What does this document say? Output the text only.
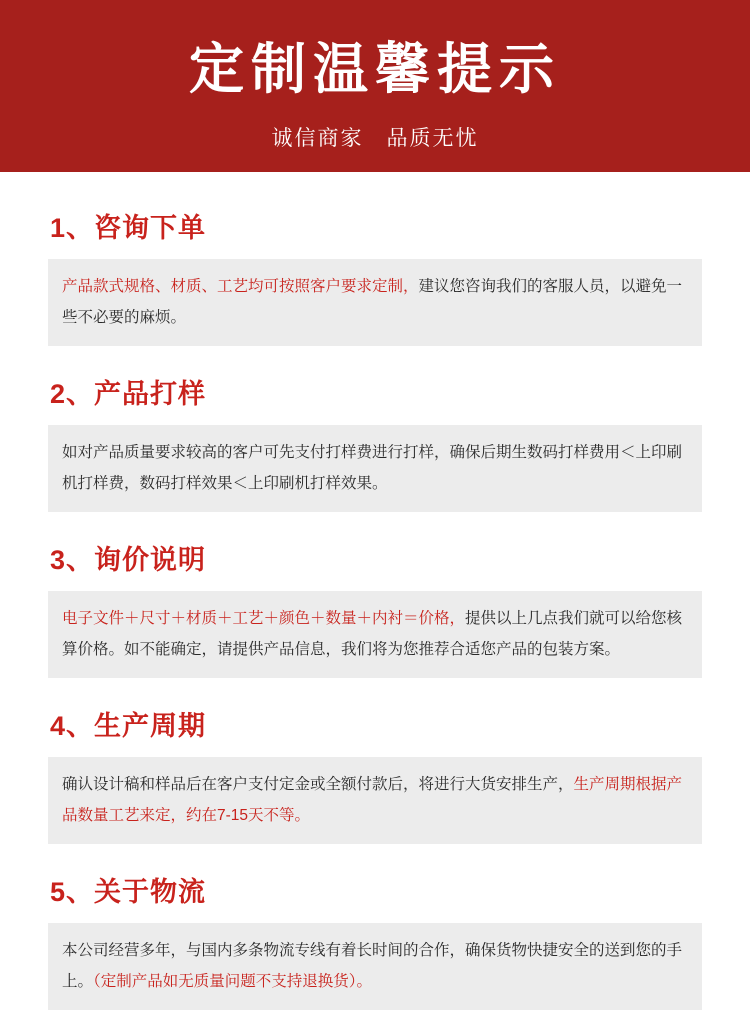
定制温馨提示
诚信商家　品质无忧
1、咨询下单
产品款式规格、材质、工艺均可按照客户要求定制，建议您咨询我们的客服人员，以避免一些不必要的麻烦。
2、产品打样
如对产品质量要求较高的客户可先支付打样费进行打样，确保后期生数码打样费用＜上印刷机打样费，数码打样效果＜上印刷机打样效果。
3、询价说明
电子文件＋尺寸＋材质＋工艺＋颜色＋数量＋内衬＝价格，提供以上几点我们就可以给您核算价格。如不能确定，请提供产品信息，我们将为您推荐合适您产品的包装方案。
4、生产周期
确认设计稿和样品后在客户支付定金或全额付款后，将进行大货安排生产，生产周期根据产品数量工艺来定，约在7-15天不等。
5、关于物流
本公司经营多年，与国内多条物流专线有着长时间的合作，确保货物快捷安全的送到您的手上。（定制产品如无质量问题不支持退换货）。
